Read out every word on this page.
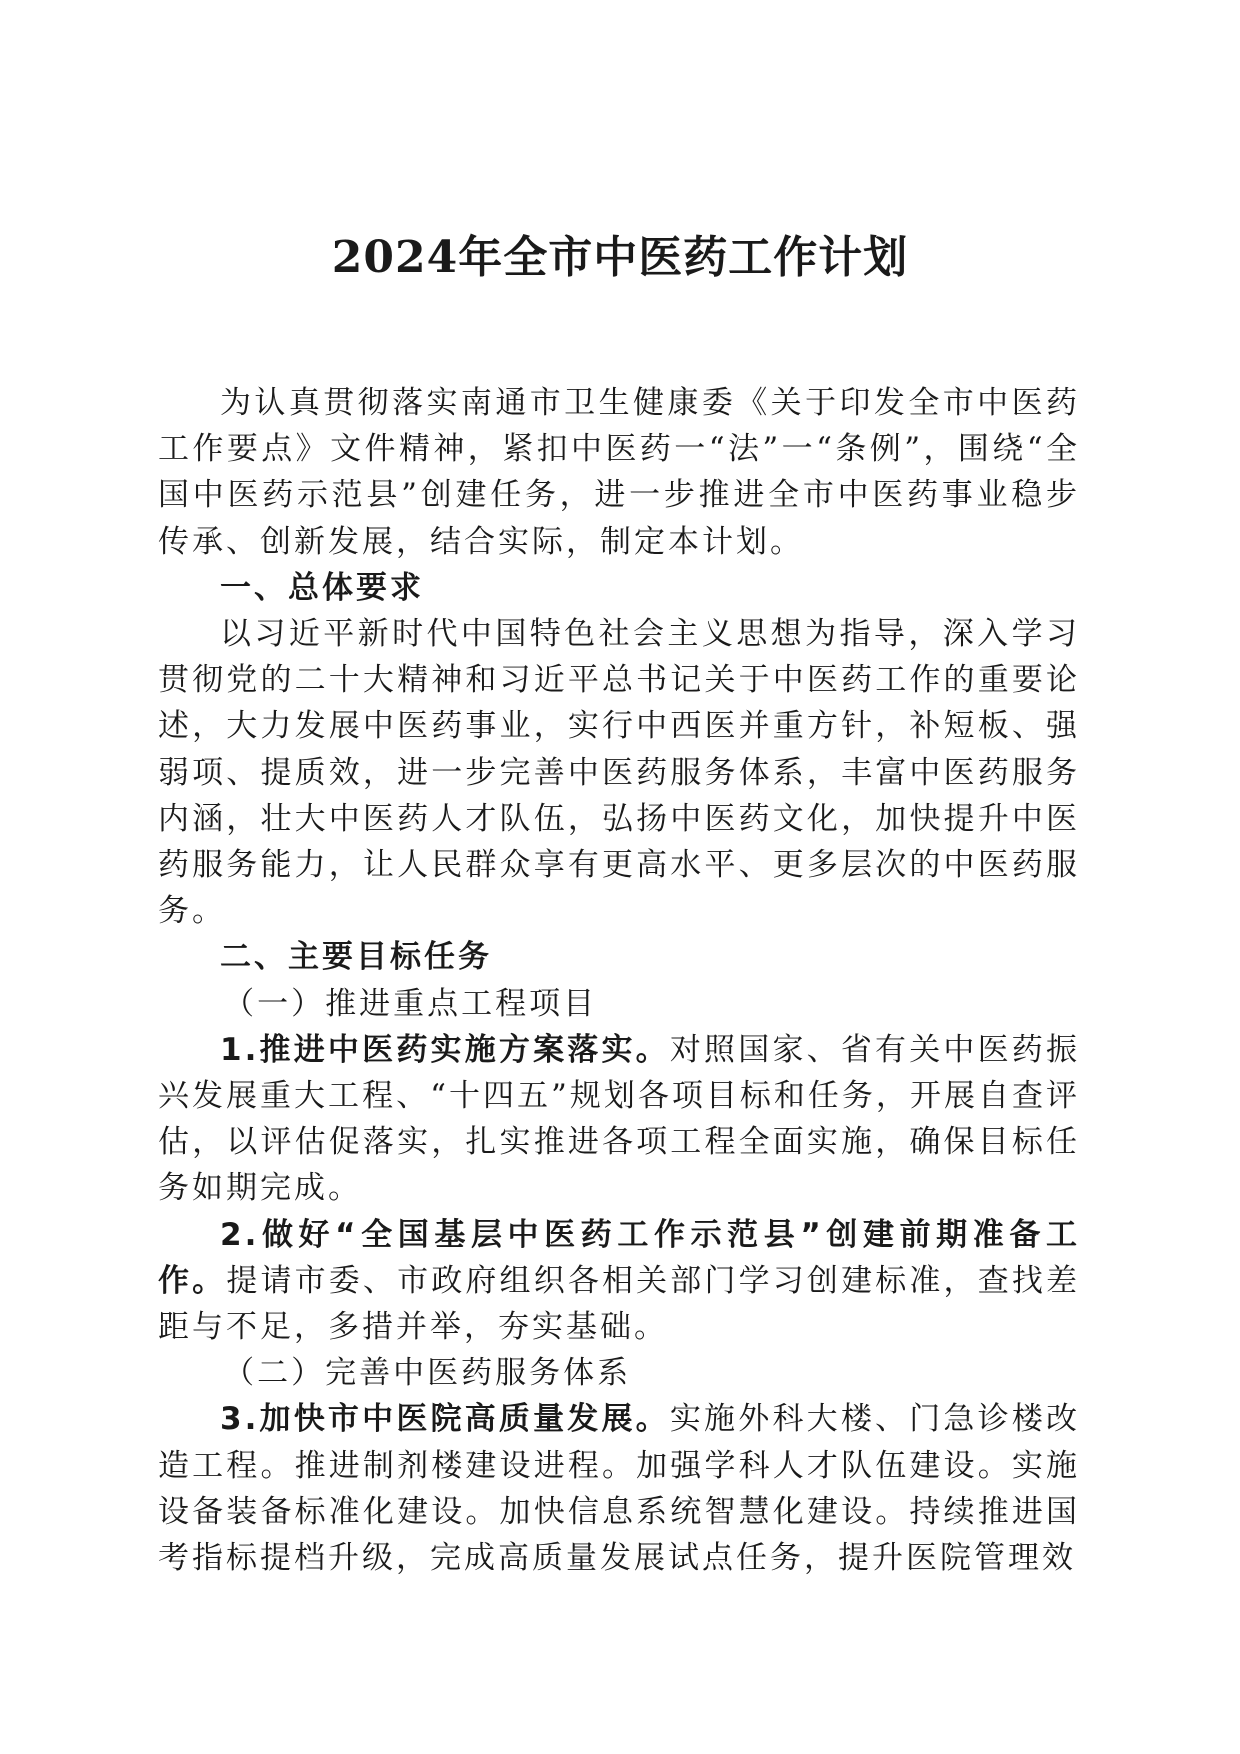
2024年全市中医药工作计划

为认真贯彻落实南通市卫生健康委《关于印发全市中医药工作要点》文件精神，紧扣中医药一“法”一“条例”，围绕“全国中医药示范县”创建任务，进一步推进全市中医药事业稳步传承、创新发展，结合实际，制定本计划。

一、总体要求

以习近平新时代中国特色社会主义思想为指导，深入学习贯彻党的二十大精神和习近平总书记关于中医药工作的重要论述，大力发展中医药事业，实行中西医并重方针，补短板、强弱项、提质效，进一步完善中医药服务体系，丰富中医药服务内涵，壮大中医药人才队伍，弘扬中医药文化，加快提升中医药服务能力，让人民群众享有更高水平、更多层次的中医药服务。

二、主要目标任务

（一）推进重点工程项目

1.推进中医药实施方案落实。对照国家、省有关中医药振兴发展重大工程、“十四五”规划各项目标和任务，开展自查评估，以评估促落实，扎实推进各项工程全面实施，确保目标任务如期完成。

2.做好“全国基层中医药工作示范县”创建前期准备工作。提请市委、市政府组织各相关部门学习创建标准，查找差距与不足，多措并举，夯实基础。

（二）完善中医药服务体系

3.加快市中医院高质量发展。实施外科大楼、门急诊楼改造工程。推进制剂楼建设进程。加强学科人才队伍建设。实施设备装备标准化建设。加快信息系统智慧化建设。持续推进国考指标提档升级，完成高质量发展试点任务，提升医院管理效
